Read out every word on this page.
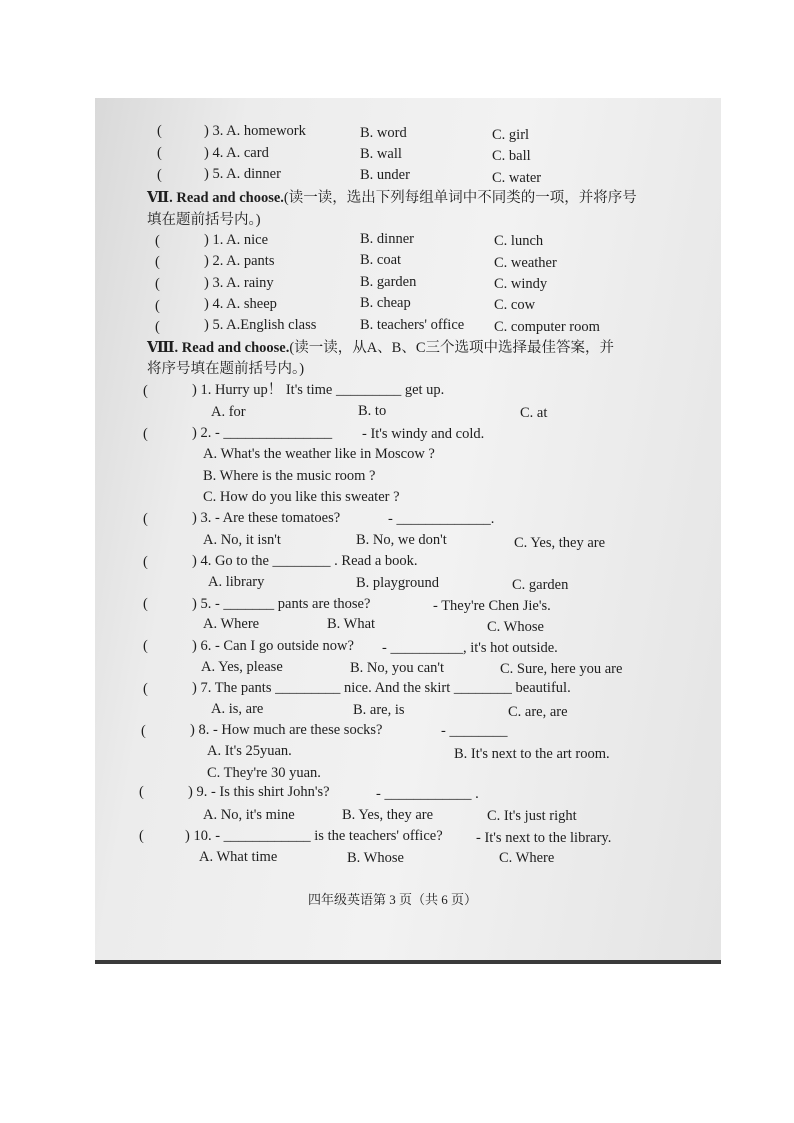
(	) 3. A. homework	B. word	C. girl
(	) 4. A. card	B. wall	C. ball
(	) 5. A. dinner	B. under	C. water
Ⅶ. Read and choose.(读一读，选出下列每组单词中不同类的一项，并将序号
填在题前括号内。)
(	) 1. A. nice	B. dinner	C. lunch
(	) 2. A. pants	B. coat	C. weather
(	) 3. A. rainy	B. garden	C. windy
(	) 4. A. sheep	B. cheap	C. cow
(	) 5. A.English class	B. teachers' office C. computer room
Ⅷ. Read and choose.(读一读，从A、B、C三个选项中选择最佳答案，并
将序号填在题前括号内。)
(	) 1. Hurry up！ It's time _________ get up.
A. for	B. to	C. at
(	) 2. - _______________ - It's windy and cold.
A. What's the weather like in Moscow ?
B. Where is the music room ?
C. How do you like this sweater ?
(	) 3. - Are these tomatoes?	- _____________.
A. No, it isn't	B. No, we don't	C. Yes, they are
(	) 4. Go to the ________ . Read a book.
A. library	B. playground	C. garden
(	) 5. - _______ pants are those?	- They're Chen Jie's.
A. Where	B. What	C. Whose
(	) 6. - Can I go outside now? - __________, it's hot outside.
A. Yes, please	B. No, you can't	C. Sure, here you are
(	) 7. The pants _________ nice. And the skirt ________ beautiful.
A. is, are	B. are, is	C. are, are
(	) 8. - How much are these socks?	- ________
A. It's 25yuan.	B. It's next to the art room.
C. They're 30 yuan.
(	) 9. - Is this shirt John's?	- ____________ .
A. No, it's mine	B. Yes, they are	C. It's just right
(	) 10. - ____________ is the teachers' office? - It's next to the library.
A. What time	B. Whose	C. Where
四年级英语第 3 页（共 6 页）
